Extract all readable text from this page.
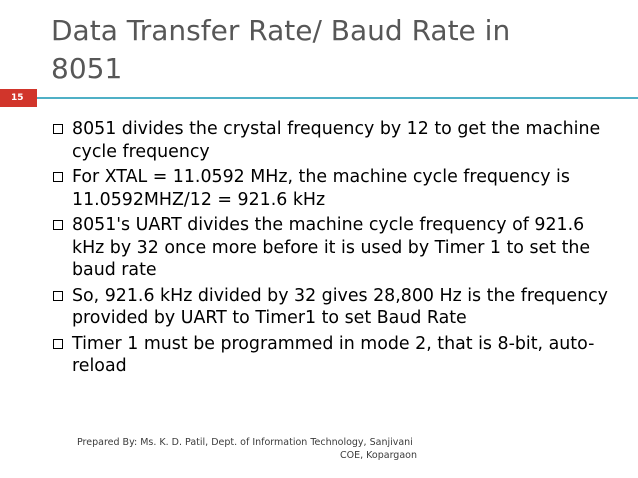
Data Transfer Rate/ Baud Rate in 8051
15
8051 divides the crystal frequency by 12 to get the machine cycle frequency
For XTAL = 11.0592 MHz, the machine cycle frequency is 11.0592MHZ/12 = 921.6 kHz
8051's UART divides the machine cycle frequency of 921.6 kHz by 32 once more before it is used by Timer 1 to set the baud rate
So, 921.6 kHz divided by 32 gives 28,800 Hz is the frequency provided by UART to Timer1 to set Baud Rate
Timer 1 must be programmed in mode 2, that is 8-bit, auto-reload
Prepared By: Ms. K. D. Patil, Dept. of Information Technology, Sanjivani
COE, Kopargaon
